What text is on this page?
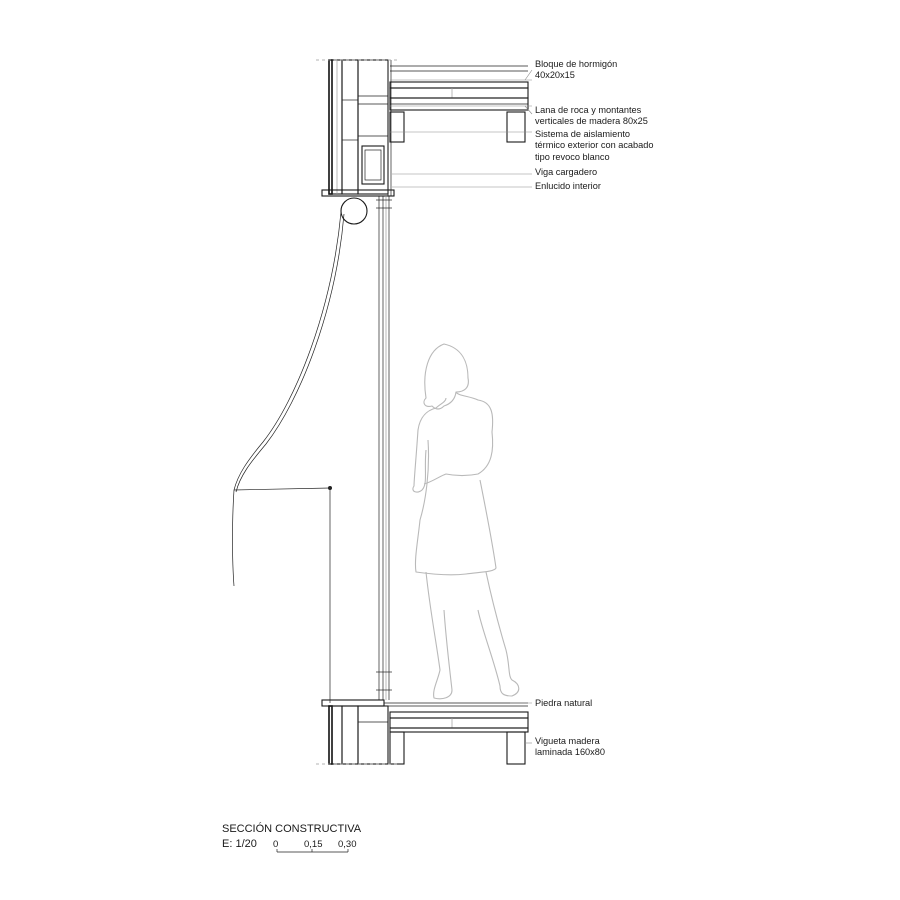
Bloque de hormigón
40x20x15
Lana de roca y montantes
verticales de madera 80x25
Sistema de aislamiento
térmico exterior con acabado
tipo revoco blanco
Viga cargadero
Enlucido interior
Piedra natural
Vigueta madera
laminada 160x80
SECCIÓN CONSTRUCTIVA
E: 1/20 0	0,15 0,30
